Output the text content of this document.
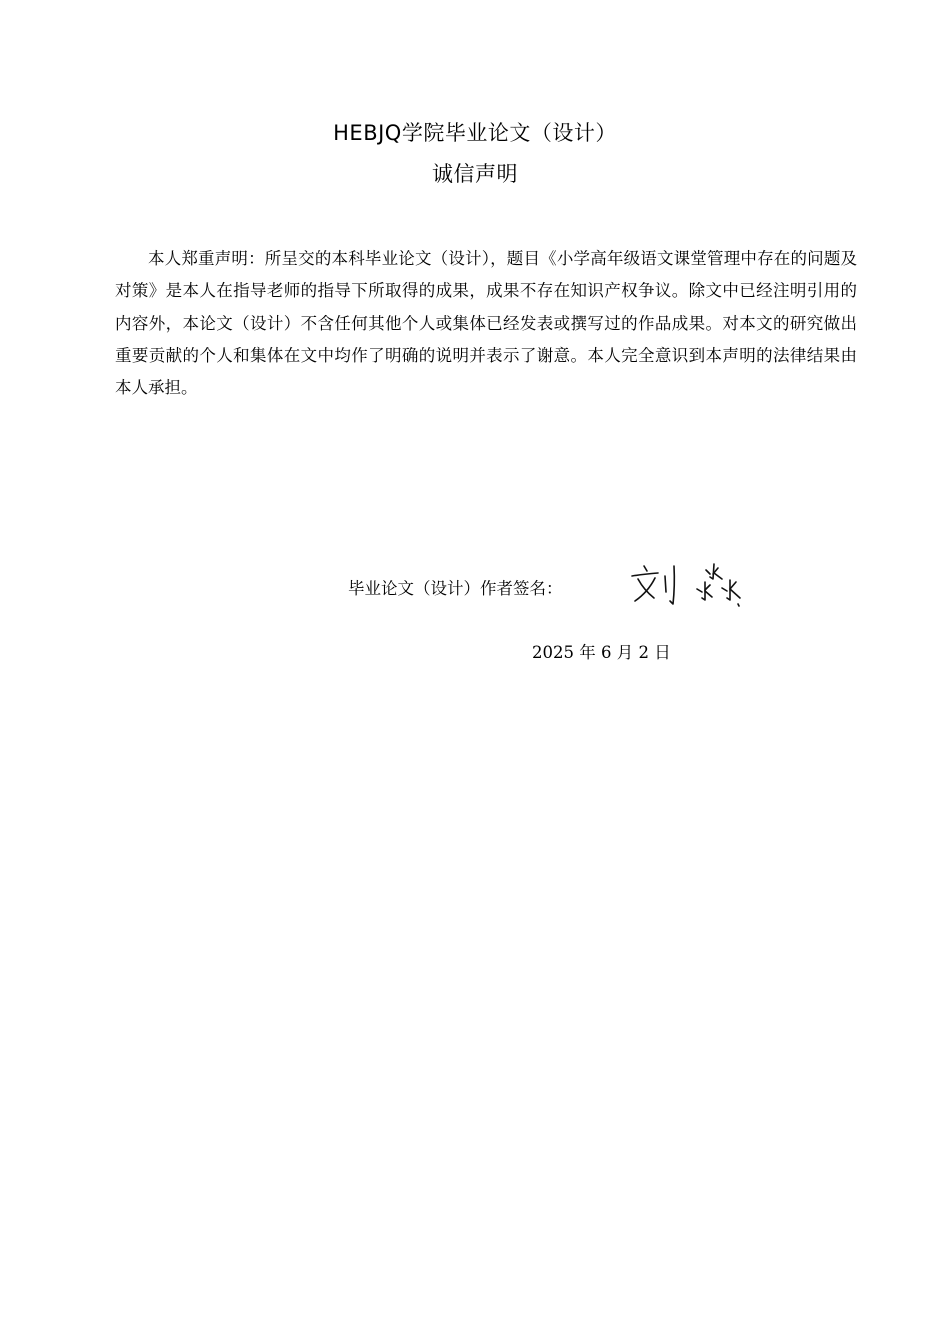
HEBJQ学院毕业论文（设计）
诚信声明

本人郑重声明：所呈交的本科毕业论文（设计），题目《小学高年级语文课堂管理中存在的问题及对策》是本人在指导老师的指导下所取得的成果，成果不存在知识产权争议。除文中已经注明引用的内容外，本论文（设计）不含任何其他个人或集体已经发表或撰写过的作品成果。对本文的研究做出重要贡献的个人和集体在文中均作了明确的说明并表示了谢意。本人完全意识到本声明的法律结果由本人承担。

毕业论文（设计）作者签名：
2025 年 6 月 2 日
